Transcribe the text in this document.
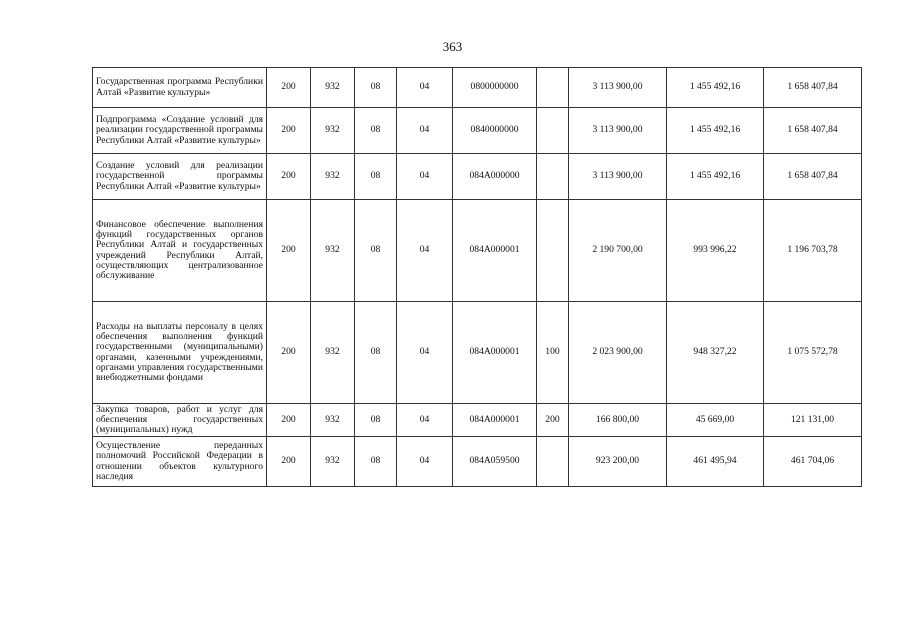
363
Государственная программа Республики Алтай «Развитие культуры»	200	932	08	04	0800000000		3 113 900,00	1 455 492,16	1 658 407,84
Подпрограмма «Создание условий для реализации государственной программы Республики Алтай «Развитие культуры»	200	932	08	04	0840000000		3 113 900,00	1 455 492,16	1 658 407,84
Создание условий для реализации государственной программы Республики Алтай «Развитие культуры»	200	932	08	04	084А000000		3 113 900,00	1 455 492,16	1 658 407,84
Финансовое обеспечение выполнения функций государственных органов Республики Алтай и государственных учреждений Республики Алтай, осуществляющих централизованное обслуживание	200	932	08	04	084А000001		2 190 700,00	993 996,22	1 196 703,78
Расходы на выплаты персоналу в целях обеспечения выполнения функций государственными (муниципальными) органами, казенными учреждениями, органами управления государственными внебюджетными фондами	200	932	08	04	084А000001	100	2 023 900,00	948 327,22	1 075 572,78
Закупка товаров, работ и услуг для обеспечения государственных (муниципальных) нужд	200	932	08	04	084А000001	200	166 800,00	45 669,00	121 131,00
Осуществление переданных полномочий Российской Федерации в отношении объектов культурного наследия	200	932	08	04	084А059500		923 200,00	461 495,94	461 704,06
